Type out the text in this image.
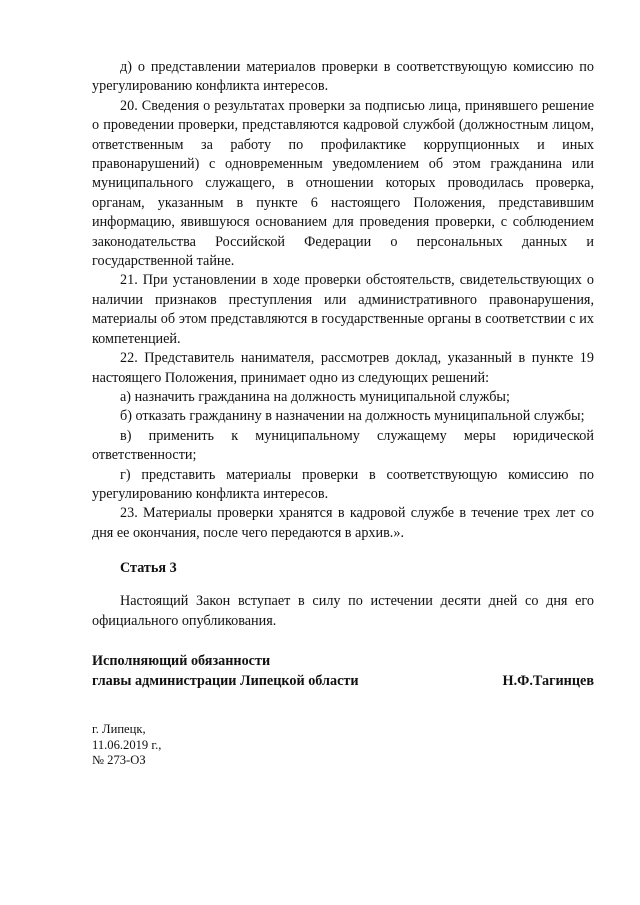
д) о представлении материалов проверки в соответствующую комиссию по урегулированию конфликта интересов.

20. Сведения о результатах проверки за подписью лица, принявшего решение о проведении проверки, представляются кадровой службой (должностным лицом, ответственным за работу по профилактике коррупционных и иных правонарушений) с одновременным уведомлением об этом гражданина или муниципального служащего, в отношении которых проводилась проверка, органам, указанным в пункте 6 настоящего Положения, представившим информацию, явившуюся основанием для проведения проверки, с соблюдением законодательства Российской Федерации о персональных данных и государственной тайне.

21. При установлении в ходе проверки обстоятельств, свидетельствующих о наличии признаков преступления или административного правонарушения, материалы об этом представляются в государственные органы в соответствии с их компетенцией.

22. Представитель нанимателя, рассмотрев доклад, указанный в пункте 19 настоящего Положения, принимает одно из следующих решений:

а) назначить гражданина на должность муниципальной службы;

б) отказать гражданину в назначении на должность муниципальной службы;

в) применить к муниципальному служащему меры юридической ответственности;

г) представить материалы проверки в соответствующую комиссию по урегулированию конфликта интересов.

23. Материалы проверки хранятся в кадровой службе в течение трех лет со дня ее окончания, после чего передаются в архив.».

Статья 3

Настоящий Закон вступает в силу по истечении десяти дней со дня его официального опубликования.

Исполняющий обязанности
главы администрации Липецкой области	Н.Ф.Тагинцев
г. Липецк,
11.06.2019 г.,
№ 273-ОЗ
